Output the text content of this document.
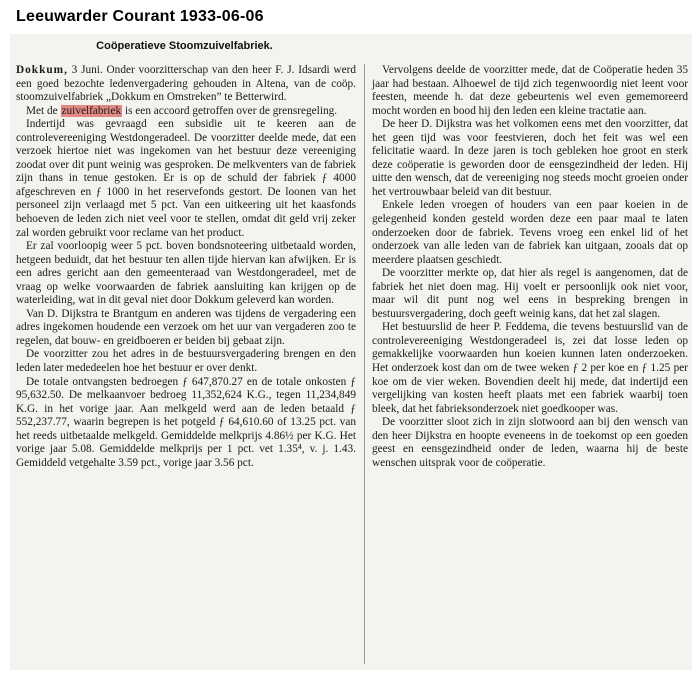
Leeuwarder Courant 1933-06-06
Coöperatieve Stoomzuivelfabriek.

Dokkum, 3 Juni. Onder voorzitterschap van den heer F. J. Idsardi werd een goed bezochte ledenvergadering gehouden in Altena, van de coöp. stoomzuivelfabriek „Dokkum en Omstreken” te Betterwird.

Met de zuivelfabriek is een accoord getroffen over de grensregeling.

Indertijd was gevraagd een subsidie uit te keeren aan de controlevereeniging Westdongeradeel. De voorzitter deelde mede, dat een verzoek hiertoe niet was ingekomen van het bestuur deze vereeniging zoodat over dit punt weinig was gesproken. De melkventers van de fabriek zijn thans in tenue gestoken. Er is op de schuld der fabriek ƒ 4000 afgeschreven en ƒ 1000 in het reservefonds gestort. De loonen van het personeel zijn verlaagd met 5 pct. Van een uitkeering uit het kaasfonds behoeven de leden zich niet veel voor te stellen, omdat dit geld vrij zeker zal worden gebruikt voor reclame van het product.

Er zal voorloopig weer 5 pct. boven bondsnoteering uitbetaald worden, hetgeen beduidt, dat het bestuur ten allen tijde hiervan kan afwijken. Er is een adres gericht aan den gemeenteraad van Westdongeradeel, met de vraag op welke voorwaarden de fabriek aansluiting kan krijgen op de waterleiding, wat in dit geval niet door Dokkum geleverd kan worden.

Van D. Dijkstra te Brantgum en anderen was tijdens de vergadering een adres ingekomen houdende een verzoek om het uur van vergaderen zoo te regelen, dat bouw- en greidboeren er beiden bij gebaat zijn.

De voorzitter zou het adres in de bestuursvergadering brengen en den leden later mededeelen hoe het bestuur er over denkt.

De totale ontvangsten bedroegen ƒ 647,870.27 en de totale onkosten ƒ 95,632.50. De melkaanvoer bedroeg 11,352,624 K.G., tegen 11,234,849 K.G. in het vorige jaar. Aan melkgeld werd aan de leden betaald ƒ 552,237.77, waarin begrepen is het potgeld ƒ 64,610.60 of 13.25 pct. van het reeds uitbetaalde melkgeld. Gemiddelde melkprijs 4.86½ per K.G. Het vorige jaar 5.08. Gemiddelde melkprijs per 1 pct. vet 1.35⁴, v. j. 1.43. Gemiddeld vetgehalte 3.59 pct., vorige jaar 3.56 pct.

Vervolgens deelde de voorzitter mede, dat de Coöperatie heden 35 jaar had bestaan. Alhoewel de tijd zich tegenwoordig niet leent voor feesten, meende h. dat deze gebeurtenis wel even gememoreerd mocht worden en bood hij den leden een kleine tractatie aan.

De heer D. Dijkstra was het volkomen eens met den voorzitter, dat het geen tijd was voor feestvieren, doch het feit was wel een felicitatie waard. In deze jaren is toch gebleken hoe groot en sterk deze coöperatie is geworden door de eensgezindheid der leden. Hij uitte den wensch, dat de vereeniging nog steeds mocht groeien onder het vertrouwbaar beleid van dit bestuur.

Enkele leden vroegen of houders van een paar koeien in de gelegenheid konden gesteld worden deze een paar maal te laten onderzoeken door de fabriek. Tevens vroeg een enkel lid of het onderzoek van alle leden van de fabriek kan uitgaan, zooals dat op meerdere plaatsen geschiedt.

De voorzitter merkte op, dat hier als regel is aangenomen, dat de fabriek het niet doen mag. Hij voelt er persoonlijk ook niet voor, maar wil dit punt nog wel eens in bespreking brengen in bestuursvergadering, doch geeft weinig kans, dat het zal slagen.

Het bestuurslid de heer P. Feddema, die tevens bestuurslid van de controlevereeniging Westdongeradeel is, zei dat losse leden op gemakkelijke voorwaarden hun koeien kunnen laten onderzoeken. Het onderzoek kost dan om de twee weken ƒ 2 per koe en ƒ 1.25 per koe om de vier weken. Bovendien deelt hij mede, dat indertijd een vergelijking van kosten heeft plaats met een fabriek waarbij toen bleek, dat het fabrieksonderzoek niet goedkooper was.

De voorzitter sloot zich in zijn slotwoord aan bij den wensch van den heer Dijkstra en hoopte eveneens in de toekomst op een goeden geest en eensgezindheid onder de leden, waarna hij de beste wenschen uitsprak voor de coöperatie.
